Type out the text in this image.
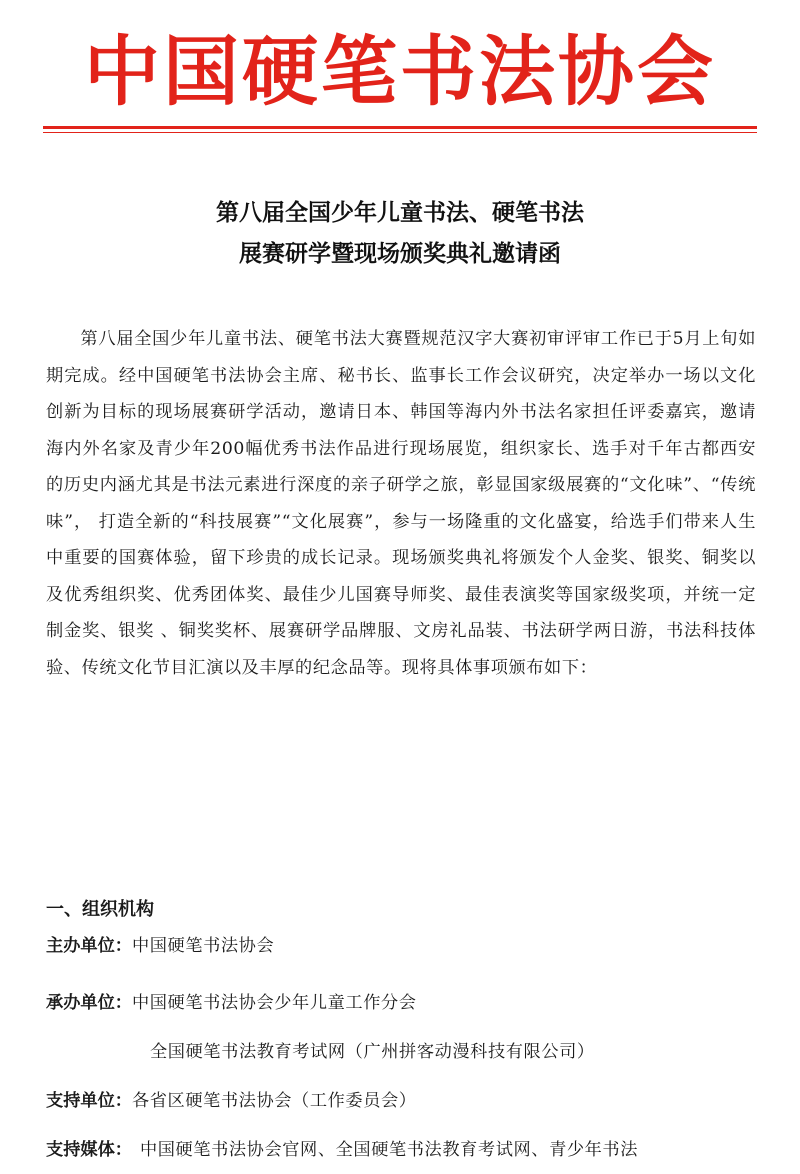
中国硬笔书法协会
第八届全国少年儿童书法、硬笔书法
展赛研学暨现场颁奖典礼邀请函

第八届全国少年儿童书法、硬笔书法大赛暨规范汉字大赛初审评审工作已于5月上旬如期完成。经中国硬笔书法协会主席、秘书长、监事长工作会议研究，决定举办一场以文化创新为目标的现场展赛研学活动，邀请日本、韩国等海内外书法名家担任评委嘉宾，邀请海内外名家及青少年200幅优秀书法作品进行现场展览，组织家长、选手对千年古都西安的历史内涵尤其是书法元素进行深度的亲子研学之旅，彰显国家级展赛的“文化味”、“传统味”， 打造全新的“科技展赛”“文化展赛”，参与一场隆重的文化盛宴，给选手们带来人生中重要的国赛体验，留下珍贵的成长记录。现场颁奖典礼将颁发个人金奖、银奖、铜奖以及优秀组织奖、优秀团体奖、最佳少儿国赛导师奖、最佳表演奖等国家级奖项，并统一定制金奖、银奖 、铜奖奖杯、展赛研学品牌服、文房礼品装、书法研学两日游，书法科技体验、传统文化节目汇演以及丰厚的纪念品等。现将具体事项颁布如下：

一、组织机构
主办单位：中国硬笔书法协会
承办单位：中国硬笔书法协会少年儿童工作分会
全国硬笔书法教育考试网（广州拼客动漫科技有限公司）
支持单位：各省区硬笔书法协会（工作委员会）
支持媒体： 中国硬笔书法协会官网、全国硬笔书法教育考试网、青少年书法
